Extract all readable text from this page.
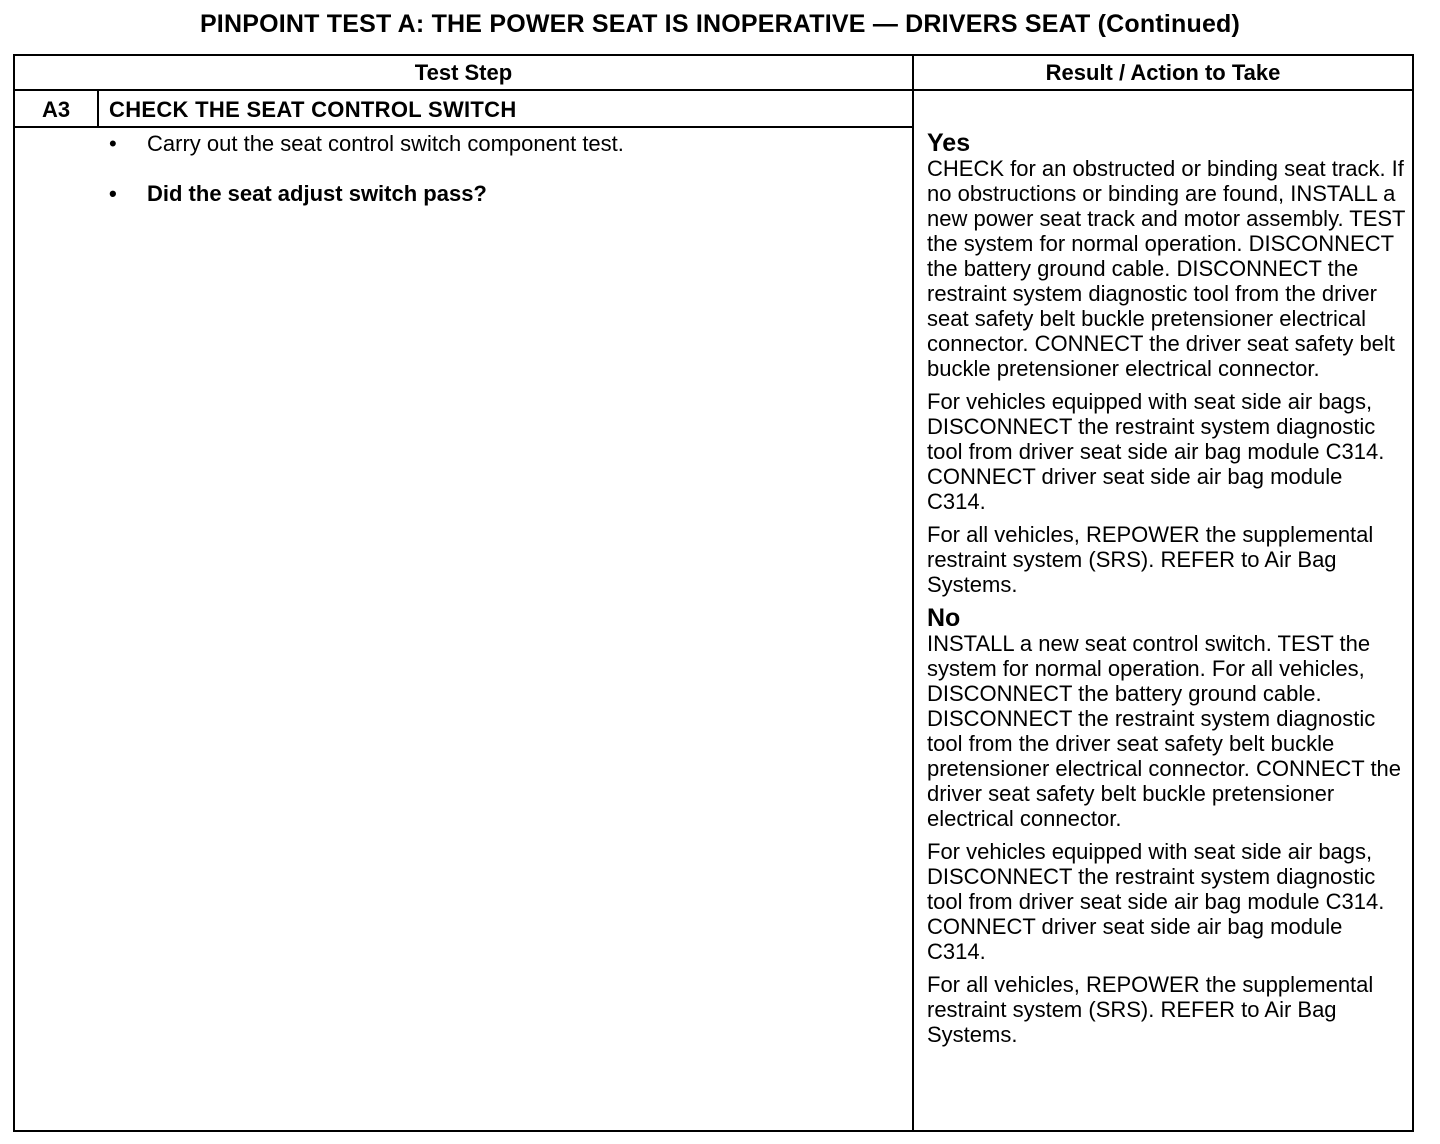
PINPOINT TEST A: THE POWER SEAT IS INOPERATIVE — DRIVERS SEAT (Continued)
Test Step	Result / Action to Take
A3	CHECK THE SEAT CONTROL SWITCH
• Carry out the seat control switch component test.
• Did the seat adjust switch pass?

Yes

CHECK for an obstructed or binding seat track. If no obstructions or binding are found, INSTALL a new power seat track and motor assembly. TEST the system for normal operation. DISCONNECT the battery ground cable. DISCONNECT the restraint system diagnostic tool from the driver seat safety belt buckle pretensioner electrical connector. CONNECT the driver seat safety belt buckle pretensioner electrical connector.

For vehicles equipped with seat side air bags, DISCONNECT the restraint system diagnostic tool from driver seat side air bag module C314. CONNECT driver seat side air bag module C314.

For all vehicles, REPOWER the supplemental restraint system (SRS). REFER to Air Bag Systems.

No

INSTALL a new seat control switch. TEST the system for normal operation. For all vehicles, DISCONNECT the battery ground cable. DISCONNECT the restraint system diagnostic tool from the driver seat safety belt buckle pretensioner electrical connector. CONNECT the driver seat safety belt buckle pretensioner electrical connector.

For vehicles equipped with seat side air bags, DISCONNECT the restraint system diagnostic tool from driver seat side air bag module C314. CONNECT driver seat side air bag module C314.

For all vehicles, REPOWER the supplemental restraint system (SRS). REFER to Air Bag Systems.
